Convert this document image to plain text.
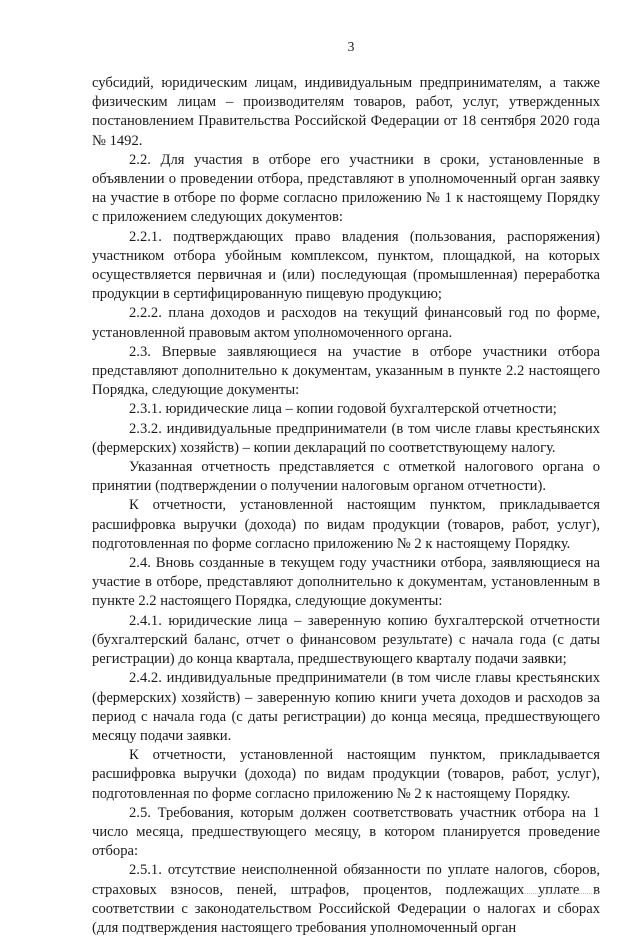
3

субсидий, юридическим лицам, индивидуальным предпринимателям, а также физическим лицам – производителям товаров, работ, услуг, утвержденных постановлением Правительства Российской Федерации от 18 сентября 2020 года № 1492.

2.2. Для участия в отборе его участники в сроки, установленные в объявлении о проведении отбора, представляют в уполномоченный орган заявку на участие в отборе по форме согласно приложению № 1 к настоящему Порядку с приложением следующих документов:

2.2.1. подтверждающих право владения (пользования, распоряжения) участником отбора убойным комплексом, пунктом, площадкой, на которых осуществляется первичная и (или) последующая (промышленная) переработка продукции в сертифицированную пищевую продукцию;

2.2.2. плана доходов и расходов на текущий финансовый год по форме, установленной правовым актом уполномоченного органа.

2.3. Впервые заявляющиеся на участие в отборе участники отбора представляют дополнительно к документам, указанным в пункте 2.2 настоящего Порядка, следующие документы:

2.3.1. юридические лица – копии годовой бухгалтерской отчетности;

2.3.2. индивидуальные предприниматели (в том числе главы крестьянских (фермерских) хозяйств) – копии деклараций по соответствующему налогу.

Указанная отчетность представляется с отметкой налогового органа о принятии (подтверждении о получении налоговым органом отчетности).

К отчетности, установленной настоящим пунктом, прикладывается расшифровка выручки (дохода) по видам продукции (товаров, работ, услуг), подготовленная по форме согласно приложению № 2 к настоящему Порядку.

2.4. Вновь созданные в текущем году участники отбора, заявляющиеся на участие в отборе, представляют дополнительно к документам, установленным в пункте 2.2 настоящего Порядка, следующие документы:

2.4.1. юридические лица – заверенную копию бухгалтерской отчетности (бухгалтерский баланс, отчет о финансовом результате) с начала года (с даты регистрации) до конца квартала, предшествующего кварталу подачи заявки;

2.4.2. индивидуальные предприниматели (в том числе главы крестьянских (фермерских) хозяйств) – заверенную копию книги учета доходов и расходов за период с начала года (с даты регистрации) до конца месяца, предшествующего месяцу подачи заявки.

К отчетности, установленной настоящим пунктом, прикладывается расшифровка выручки (дохода) по видам продукции (товаров, работ, услуг), подготовленная по форме согласно приложению № 2 к настоящему Порядку.

2.5. Требования, которым должен соответствовать участник отбора на 1 число месяца, предшествующего месяцу, в котором планируется проведение отбора:

2.5.1. отсутствие неисполненной обязанности по уплате налогов, сборов, страховых взносов, пеней, штрафов, процентов, подлежащих уплате в соответствии с законодательством Российской Федерации о налогах и сборах (для подтверждения настоящего требования уполномоченный орган
